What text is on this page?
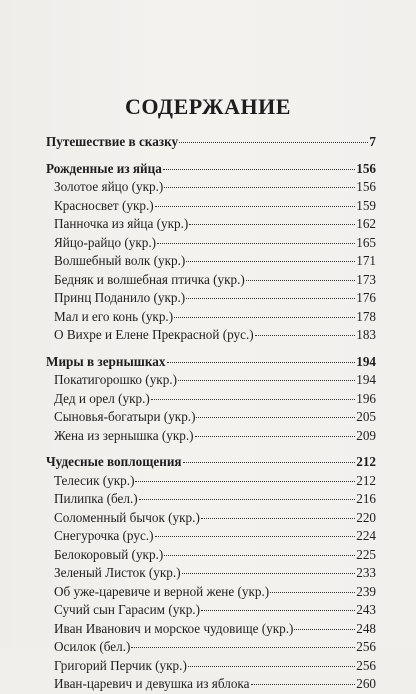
СОДЕРЖАНИЕ
Путешествие в сказку	7
Рожденные из яйца	156
Золотое яйцо (укр.)	156
Красносвет (укр.)	159
Панночка из яйца (укр.)	162
Яйцо-райцо (укр.)	165
Волшебный волк (укр.)	171
Бедняк и волшебная птичка (укр.)	173
Принц Поданило (укр.)	176
Мал и его конь (укр.)	178
О Вихре и Елене Прекрасной (рус.)	183
Миры в зернышках	194
Покатигорошко (укр.)	194
Дед и орел (укр.)	196
Сыновья-богатыри (укр.)	205
Жена из зернышка (укр.)	209
Чудесные воплощения	212
Телесик (укр.)	212
Пилипка (бел.)	216
Соломенный бычок (укр.)	220
Снегурочка (рус.)	224
Белокоровый (укр.)	225
Зеленый Листок (укр.)	233
Об уже-царевиче и верной жене (укр.)	239
Сучий сын Гарасим (укр.)	243
Иван Иванович и морское чудовище (укр.)	248
Осилок (бел.)	256
Григорий Перчик (укр.)	256
Иван-царевич и девушка из яблока	260
